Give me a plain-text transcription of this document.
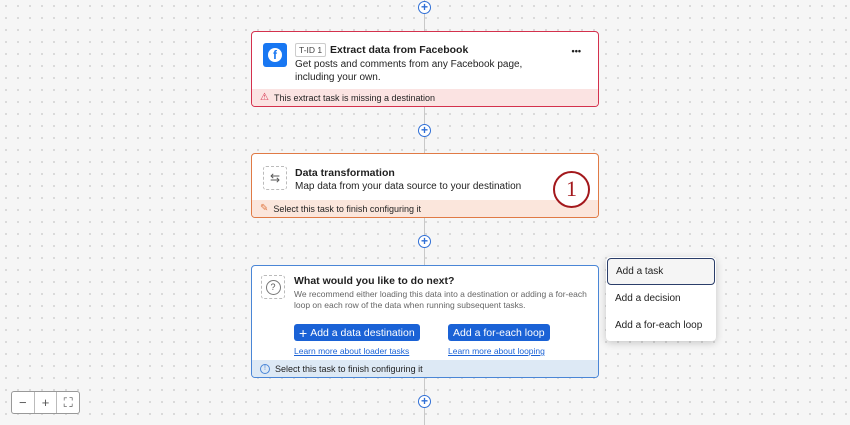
+
f	T-ID 1 Extract data from Facebook
Get posts and comments from any Facebook page, including your own.
•••
⚠ This extract task is missing a destination
+
⇆	Data transformation
Map data from your data source to your destination
✎ Select this task to finish configuring it
1
+
?	What would you like to do next?
We recommend either loading this data into a destination or adding a for-each loop on each row of the data when running subsequent tasks.
+ Add a data destination	Add a for-each loop
Learn more about loader tasks	Learn more about looping
!	Select this task to finish configuring it
Add a task
Add a decision
Add a for-each loop
+
−	+	⛶
